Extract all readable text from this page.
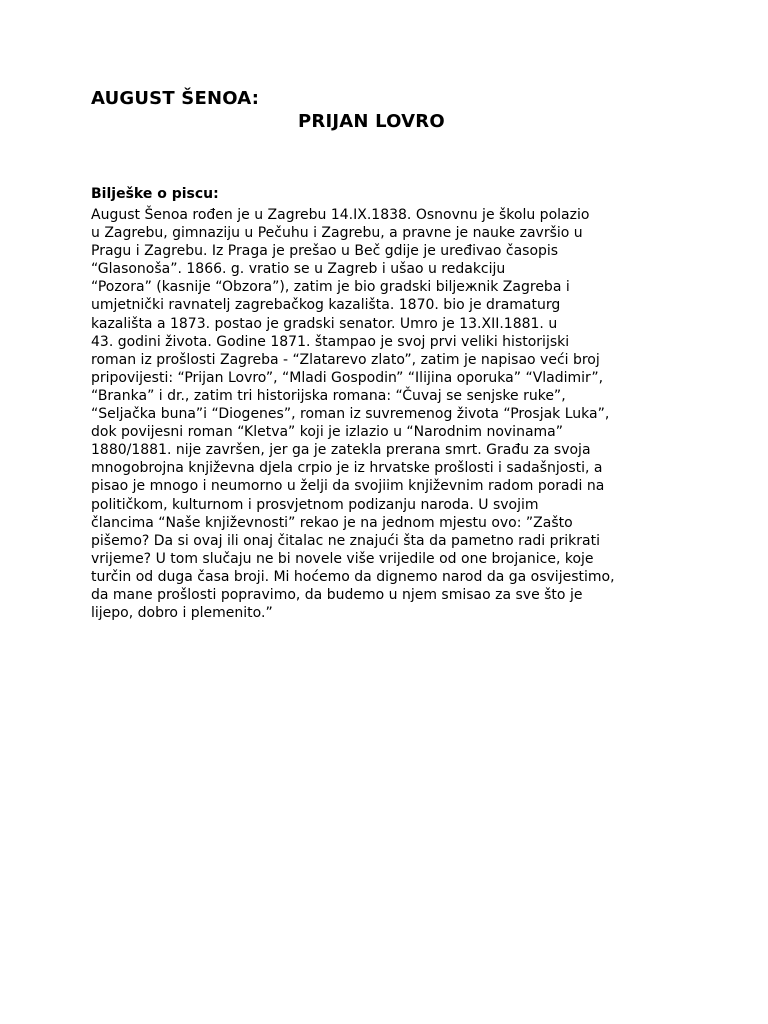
AUGUST ŠENOA:
PRIJAN LOVRO
Bilješke o piscu:
August Šenoa rođen je u Zagrebu 14.IX.1838. Osnovnu je školu polazio
u Zagrebu, gimnaziju u Pečuhu i Zagrebu, a pravne je nauke završio u
Pragu i Zagrebu. Iz Praga je prešao u Beč gdije je uređivao časopis
“Glasonoša”. 1866. g. vratio se u Zagreb i ušao u redakciju
“Pozora” (kasnije “Obzora”), zatim je bio gradski biljежnik Zagreba i
umjetnički ravnatelj zagrebačkog kazališta. 1870. bio je dramaturg
kazališta a 1873. postao je gradski senator. Umro je 13.XII.1881. u
43. godini života. Godine 1871. štampao je svoj prvi veliki historijski
roman iz prošlosti Zagreba - “Zlatarevo zlato”, zatim je napisao veći broj
pripovijesti: “Prijan Lovro”, “Mladi Gospodin” “Ilijina oporuka” “Vladimir”,
“Branka” i dr., zatim tri historijska romana: “Čuvaj se senjske ruke”,
“Seljačka buna”i “Diogenes”, roman iz suvremenog života “Prosjak Luka”,
dok povijesni roman “Kletva” koji je izlazio u “Narodnim novinama”
1880/1881. nije završen, jer ga je zatekla prerana smrt. Građu za svoja
mnogobrojna književna djela crpio je iz hrvatske prošlosti i sadašnjosti, a
pisao je mnogo i neumorno u želji da svojiim književnim radom poradi na
političkom, kulturnom i prosvjetnom podizanju naroda. U svojim
člancima “Naše književnosti” rekao je na jednom mjestu ovo: ”Zašto
pišemo? Da si ovaj ili onaj čitalac ne znajući šta da pametno radi prikrati
vrijeme? U tom slučaju ne bi novele više vrijedile od one brojanice, koje
turčin od duga časa broji. Mi hoćemo da dignemo narod da ga osvijestimo,
da mane prošlosti popravimo, da budemo u njem smisao za sve što je
lijepo, dobro i plemenito.”
